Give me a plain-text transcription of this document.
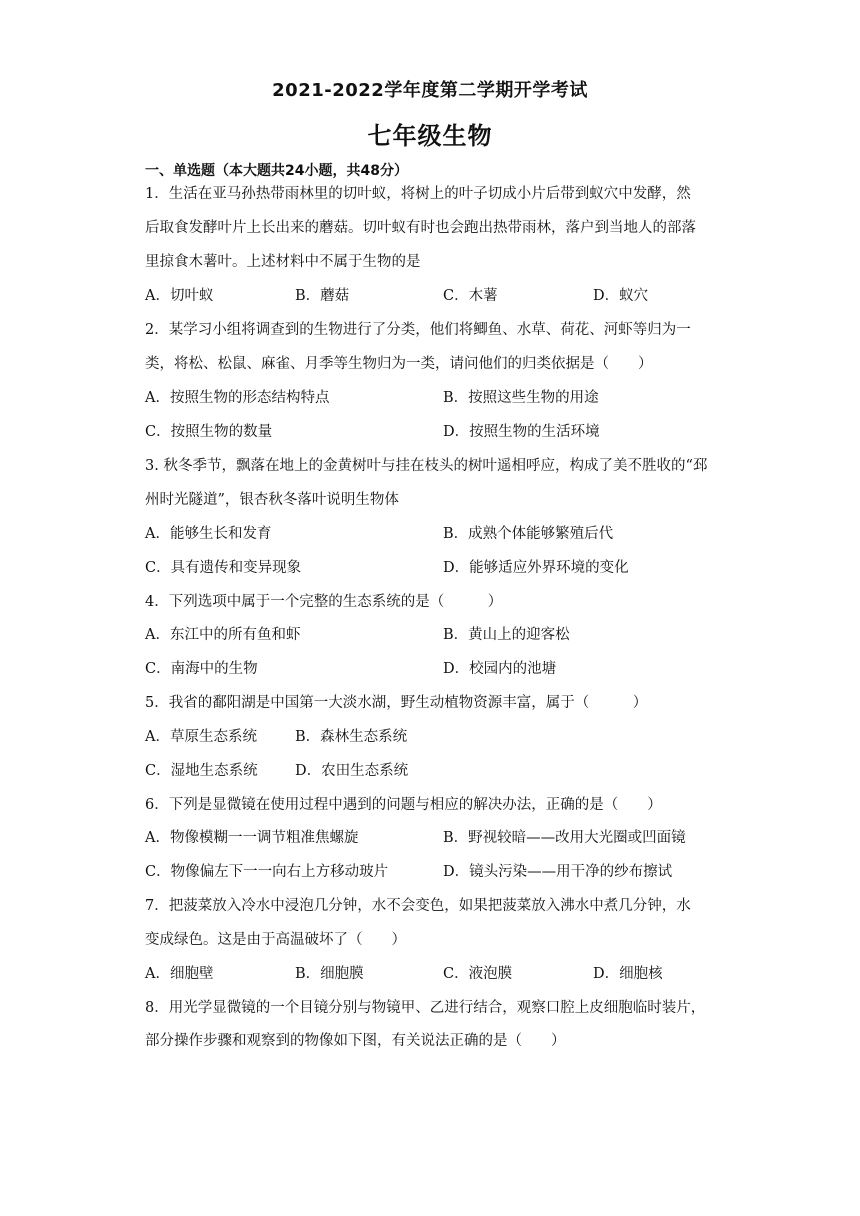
2021-2022学年度第二学期开学考试
七年级生物
一、单选题（本大题共24小题，共48分）
1．生活在亚马孙热带雨林里的切叶蚁，将树上的叶子切成小片后带到蚁穴中发酵，然
后取食发酵叶片上长出来的蘑菇。切叶蚁有时也会跑出热带雨林，落户到当地人的部落
里掠食木薯叶。上述材料中不属于生物的是
A．切叶蚁	B．蘑菇	C．木薯	D．蚁穴
2．某学习小组将调查到的生物进行了分类，他们将鲫鱼、水草、荷花、河虾等归为一
类，将松、松鼠、麻雀、月季等生物归为一类，请问他们的归类依据是（　　）
A．按照生物的形态结构特点	B．按照这些生物的用途
C．按照生物的数量	D．按照生物的生活环境
3. 秋冬季节，飘落在地上的金黄树叶与挂在枝头的树叶遥相呼应，构成了美不胜收的“邳
州时光隧道”，银杏秋冬落叶说明生物体
A．能够生长和发育	B．成熟个体能够繁殖后代
C．具有遗传和变异现象	D．能够适应外界环境的变化
4．下列选项中属于一个完整的生态系统的是（　　　）
A．东江中的所有鱼和虾	B．黄山上的迎客松
C．南海中的生物	D．校园内的池塘
5．我省的鄱阳湖是中国第一大淡水湖，野生动植物资源丰富，属于（　　　）
A．草原生态系统	B．森林生态系统
C．湿地生态系统	D．农田生态系统
6．下列是显微镜在使用过程中遇到的问题与相应的解决办法，正确的是（　　）
A．物像模糊一一调节粗准焦螺旋	B．野视较暗——改用大光圈或凹面镜
C．物像偏左下一一向右上方移动玻片	D．镜头污染——用干净的纱布擦试
7．把菠菜放入冷水中浸泡几分钟，水不会变色，如果把菠菜放入沸水中煮几分钟，水
变成绿色。这是由于高温破坏了（　　）
A．细胞壁	B．细胞膜	C．液泡膜	D．细胞核
8．用光学显微镜的一个目镜分别与物镜甲、乙进行结合，观察口腔上皮细胞临时装片，
部分操作步骤和观察到的物像如下图，有关说法正确的是（　　）
